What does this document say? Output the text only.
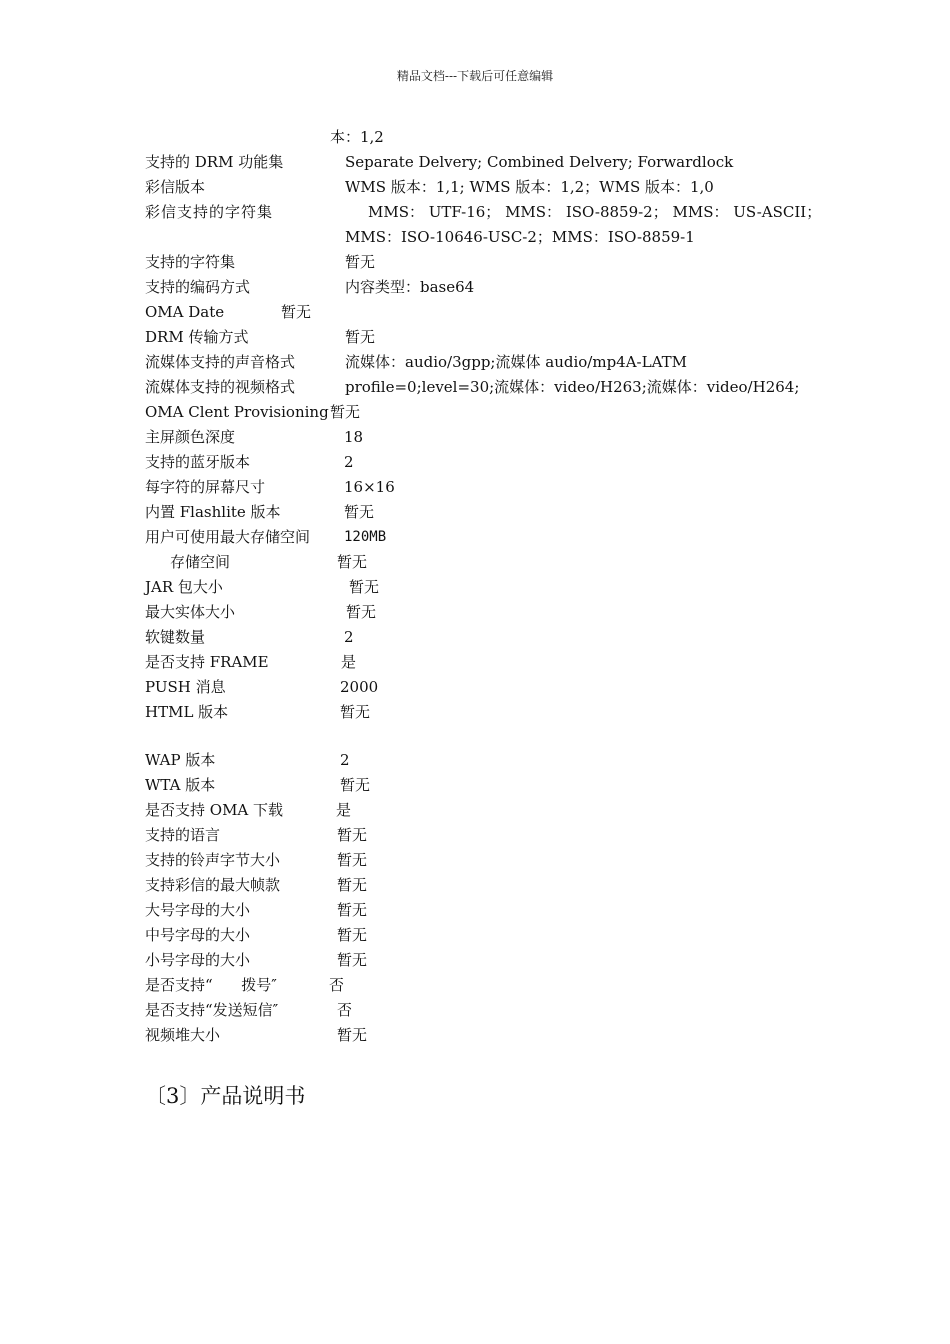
精品文档---下载后可任意编辑
本：1,2
支持的 DRM 功能集	Separate Delvery; Combined Delvery; Forwardlock
彩信版本	WMS 版本：1,1; WMS 版本：1,2；WMS 版本：1,0
彩信支持的字符集	MMS： UTF-16； MMS： ISO-8859-2； MMS： US-ASCII；
MMS：ISO-10646-USC-2；MMS：ISO-8859-1
支持的字符集	暂无
支持的编码方式	内容类型：base64
OMA Date	暂无
DRM 传输方式	暂无
流媒体支持的声音格式	流媒体：audio/3gpp;流媒体 audio/mp4A-LATM
流媒体支持的视频格式	profile=0;level=30;流媒体：video/H263;流媒体：video/H264;
OMA Clent Provisioning 暂无
主屏颜色深度	18
支持的蓝牙版本	2
每字符的屏幕尺寸	16×16
内置 Flashlite 版本	暂无
用户可使用最大存储空间 120MB
存储空间	暂无
JAR 包大小	暂无
最大实体大小	暂无
软键数量	2
是否支持 FRAME	是
PUSH 消息	2000
HTML 版本	暂无
WAP 版本	2
WTA 版本	暂无
是否支持 OMA 下载	是
支持的语言	暂无
支持的铃声字节大小	暂无
支持彩信的最大帧款	暂无
大号字母的大小	暂无
中号字母的大小	暂无
小号字母的大小	暂无
是否支持“      拨号″	否
是否支持“发送短信″	否
视频堆大小	暂无
〔3〕产品说明书
